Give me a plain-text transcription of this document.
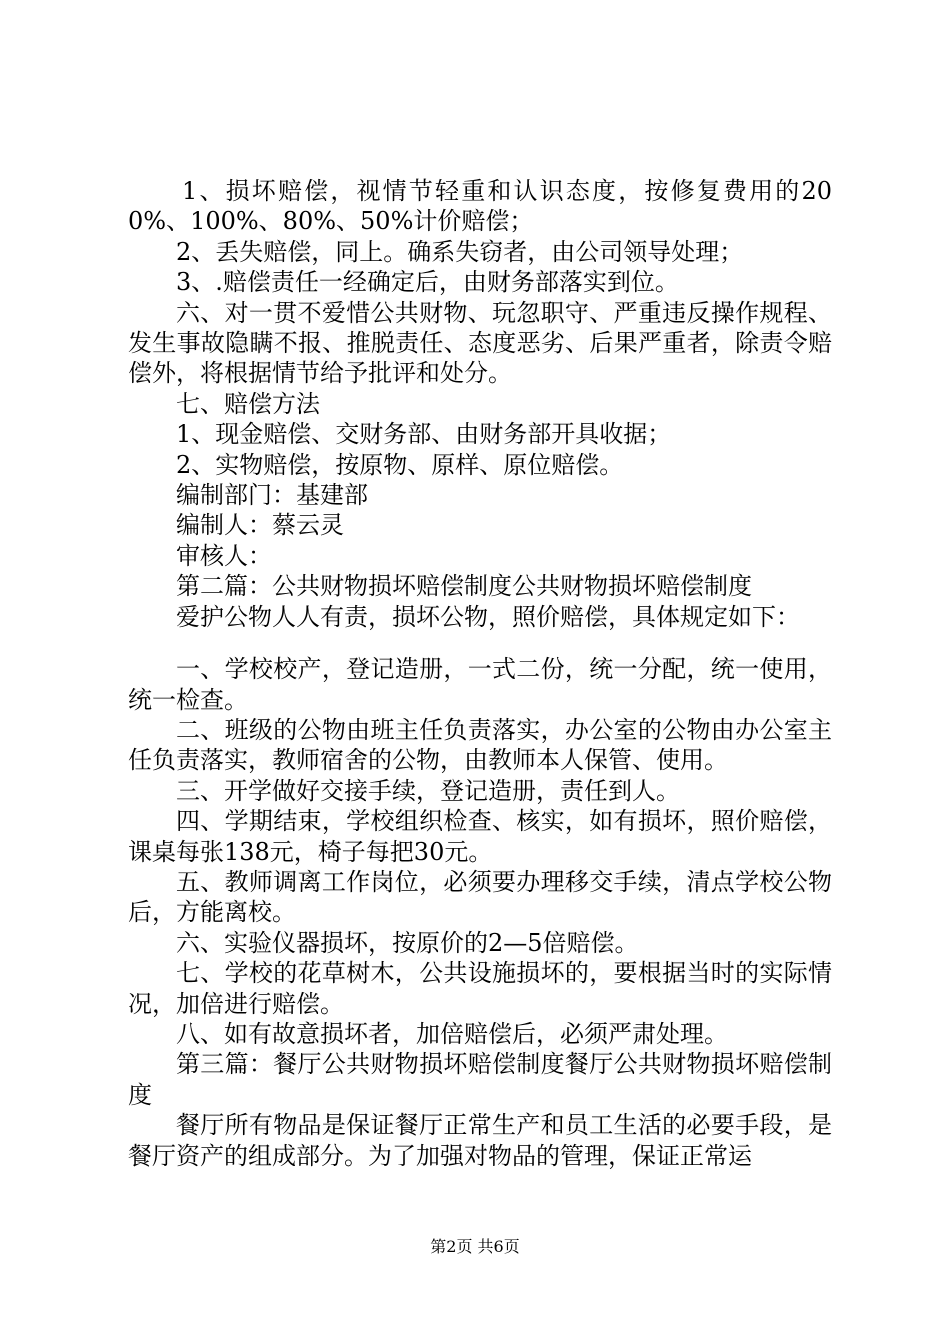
1、损坏赔偿，视情节轻重和认识态度，按修复费用的200%、100%、80%、50%计价赔偿；

2、丢失赔偿，同上。确系失窃者，由公司领导处理；

3、.赔偿责任一经确定后，由财务部落实到位。

六、对一贯不爱惜公共财物、玩忽职守、严重违反操作规程、发生事故隐瞒不报、推脱责任、态度恶劣、后果严重者，除责令赔偿外，将根据情节给予批评和处分。

七、赔偿方法

1、现金赔偿、交财务部、由财务部开具收据；

2、实物赔偿，按原物、原样、原位赔偿。

编制部门：基建部

编制人：蔡云灵

审核人：

第二篇：公共财物损坏赔偿制度公共财物损坏赔偿制度

爱护公物人人有责，损坏公物，照价赔偿，具体规定如下：

一、学校校产，登记造册，一式二份，统一分配，统一使用，统一检查。

二、班级的公物由班主任负责落实，办公室的公物由办公室主任负责落实，教师宿舍的公物，由教师本人保管、使用。

三、开学做好交接手续，登记造册，责任到人。

四、学期结束，学校组织检查、核实，如有损坏，照价赔偿，课桌每张138元，椅子每把30元。

五、教师调离工作岗位，必须要办理移交手续，清点学校公物后，方能离校。

六、实验仪器损坏，按原价的2—5倍赔偿。

七、学校的花草树木，公共设施损坏的，要根据当时的实际情况，加倍进行赔偿。

八、如有故意损坏者，加倍赔偿后，必须严肃处理。

第三篇：餐厅公共财物损坏赔偿制度餐厅公共财物损坏赔偿制度

餐厅所有物品是保证餐厅正常生产和员工生活的必要手段，是餐厅资产的组成部分。为了加强对物品的管理，保证正常运

第2页 共6页
